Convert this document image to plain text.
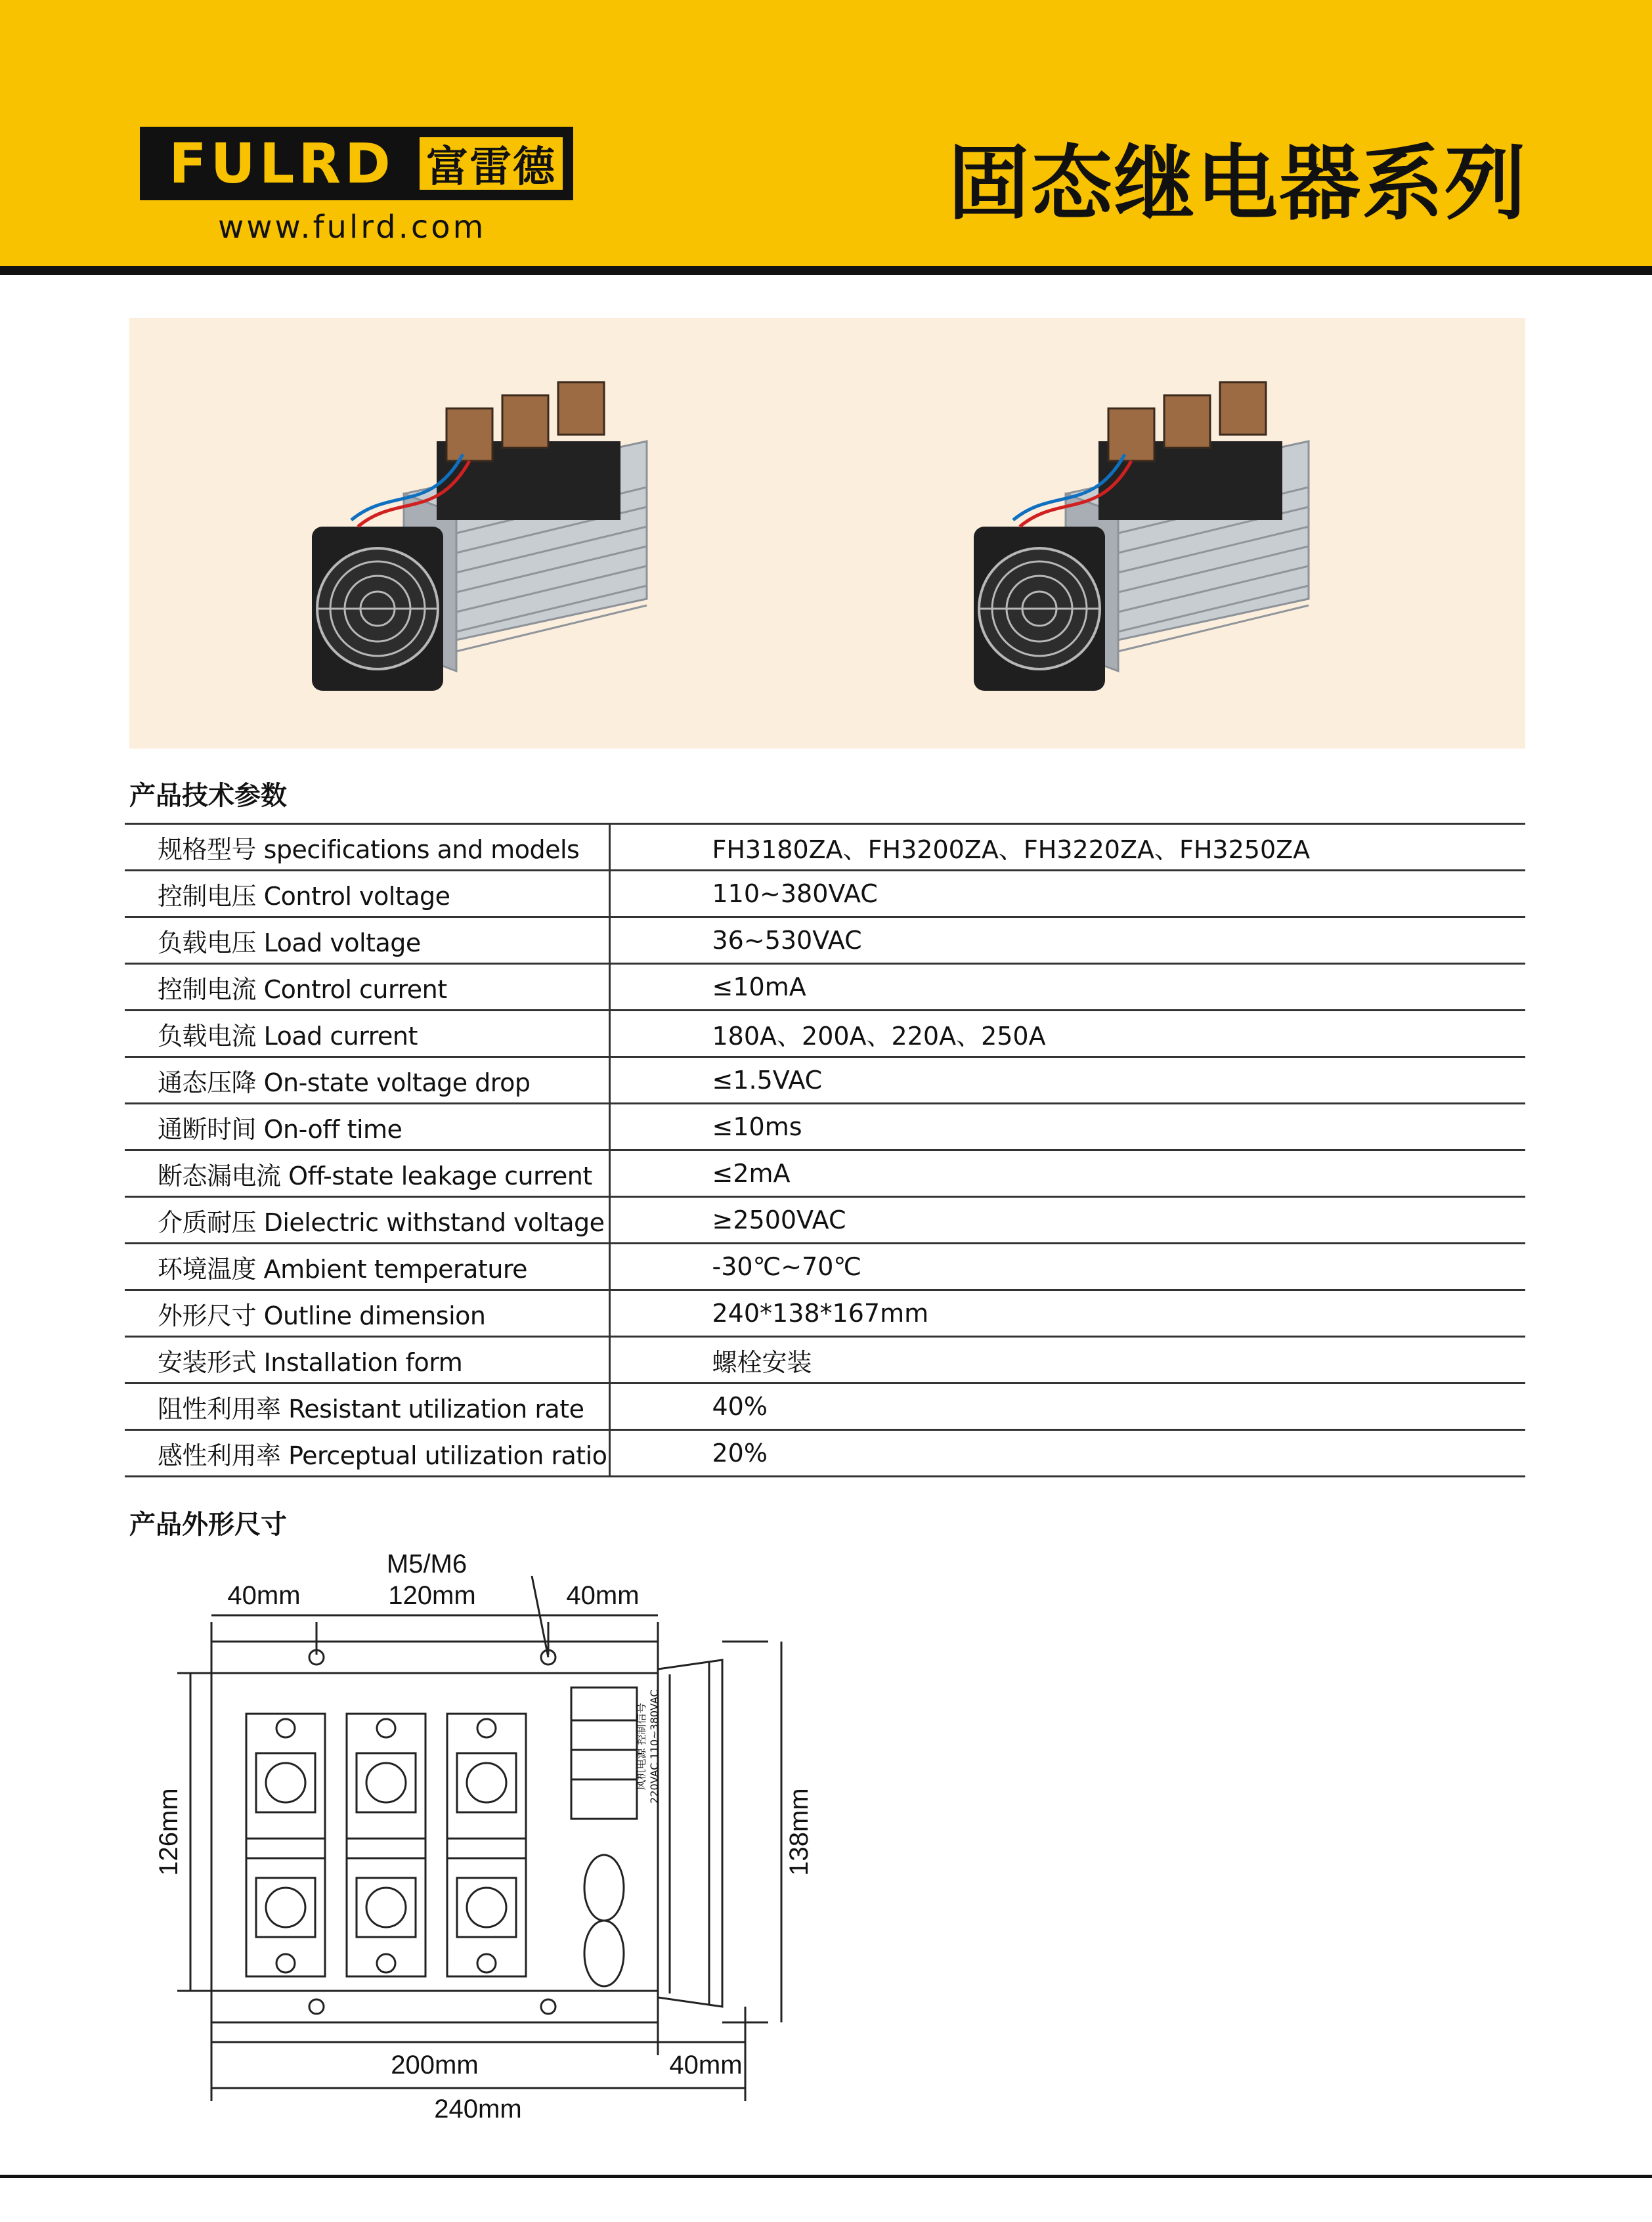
FULRD 富雷德
www.fulrd.com	固态继电器系列
产品技术参数
规格型号 specifications and models	FH3180ZA、FH3200ZA、FH3220ZA、FH3250ZA
控制电压 Control voltage	110~380VAC
负载电压 Load voltage	36~530VAC
控制电流 Control current	≤10mA
负载电流 Load current	180A、200A、220A、250A
通态压降 On-state voltage drop	≤1.5VAC
通断时间 On-off time	≤10ms
断态漏电流 Off-state leakage current	≤2mA
介质耐压 Dielectric withstand voltage	≥2500VAC
环境温度 Ambient temperature	-30℃~70℃
外形尺寸 Outline dimension	240*138*167mm
安装形式 Installation form	螺栓安装
阻性利用率 Resistant utilization rate	40%
感性利用率 Perceptual utilization ratio	20%
产品外形尺寸
M5/M6
40mm	120mm	40mm
126mm	138mm
200mm	40mm
240mm
风机电源 控制信号 220VAC 110~380VAC
